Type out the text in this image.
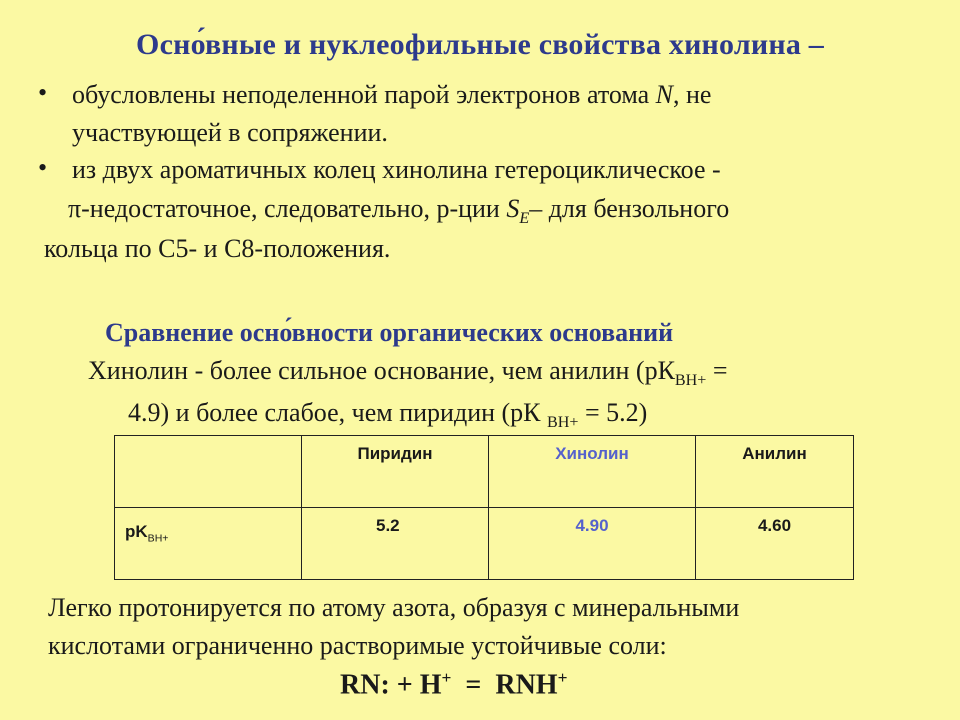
Осно́вные и нуклеофильные свойства хинолина –
• обусловлены неподеленной парой электронов атома N, не
участвующей в сопряжении.
• из двух ароматичных колец хинолина гетероциклическое -
π-недостаточное, следовательно, р-ции $S_E-$ для бензольного
кольца по С5- и С8-положения.
Сравнение осно́вности органических оснований
Хинолин - более сильное основание, чем анилин ($рК_{ВН+}$ =
4.9) и более слабое, чем пиридин (рК $_{ВН+}$ = 5.2)
	Пиридин	Хинолин	Анилин
$pK_{BH+}$	5.2	4.90	4.60
Легко протонируется по атому азота, образуя с минеральными
кислотами ограниченно растворимые устойчивые соли:
RN: + H+  =  RNH+
